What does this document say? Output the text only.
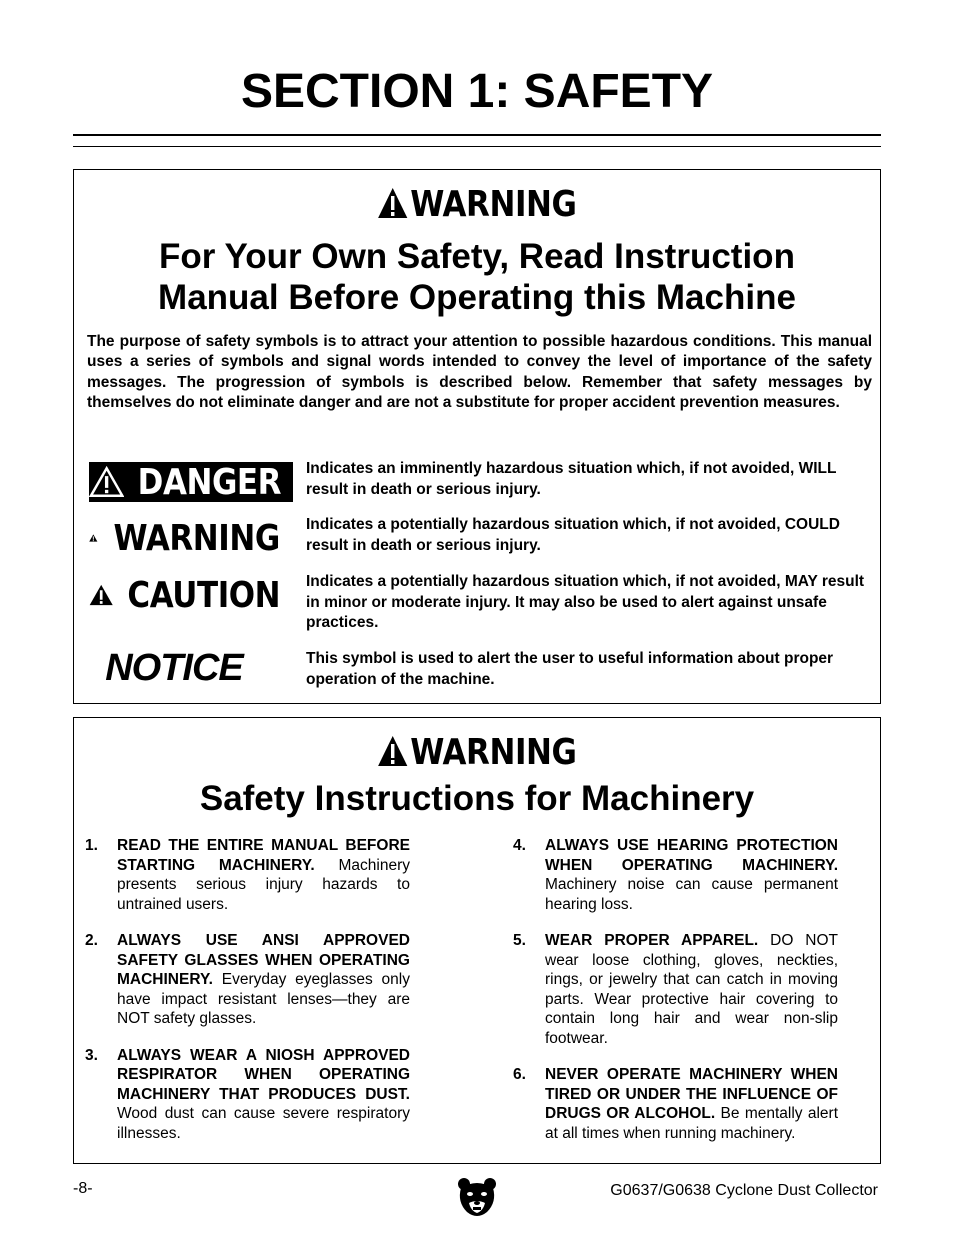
SECTION 1: SAFETY
WARNING
For Your Own Safety, Read Instruction
Manual Before Operating this Machine
The purpose of safety symbols is to attract your attention to possible hazardous conditions. This manual uses a series of symbols and signal words intended to convey the level of importance of the safety messages. The progression of symbols is described below. Remember that safety messages by themselves do not eliminate danger and are not a substitute for proper accident prevention measures.
DANGER Indicates an imminently hazardous situation which, if not avoided, WILL result in death or serious injury.
WARNING Indicates a potentially hazardous situation which, if not avoided, COULD result in death or serious injury.
CAUTION Indicates a potentially hazardous situation which, if not avoided, MAY result in minor or moderate injury. It may also be used to alert against unsafe practices.
NOTICE	This symbol is used to alert the user to useful information about proper operation of the machine.
WARNING
Safety Instructions for Machinery
1. READ THE ENTIRE MANUAL BEFORE STARTING MACHINERY. Machinery presents serious injury hazards to untrained users.
2. ALWAYS USE ANSI APPROVED SAFETY GLASSES WHEN OPERATING MACHINERY. Everyday eyeglasses only have impact resistant lenses—they are NOT safety glasses.
3. ALWAYS WEAR A NIOSH APPROVED RESPIRATOR WHEN OPERATING MACHINERY THAT PRODUCES DUST. Wood dust can cause severe respiratory illnesses.
4. ALWAYS USE HEARING PROTECTION WHEN OPERATING MACHINERY. Machinery noise can cause permanent hearing loss.
5. WEAR PROPER APPAREL. DO NOT wear loose clothing, gloves, neckties, rings, or jewelry that can catch in moving parts. Wear protective hair covering to contain long hair and wear non-slip footwear.
6. NEVER OPERATE MACHINERY WHEN TIRED OR UNDER THE INFLUENCE OF DRUGS OR ALCOHOL. Be mentally alert at all times when running machinery.
-8-	G0637/G0638 Cyclone Dust Collector
